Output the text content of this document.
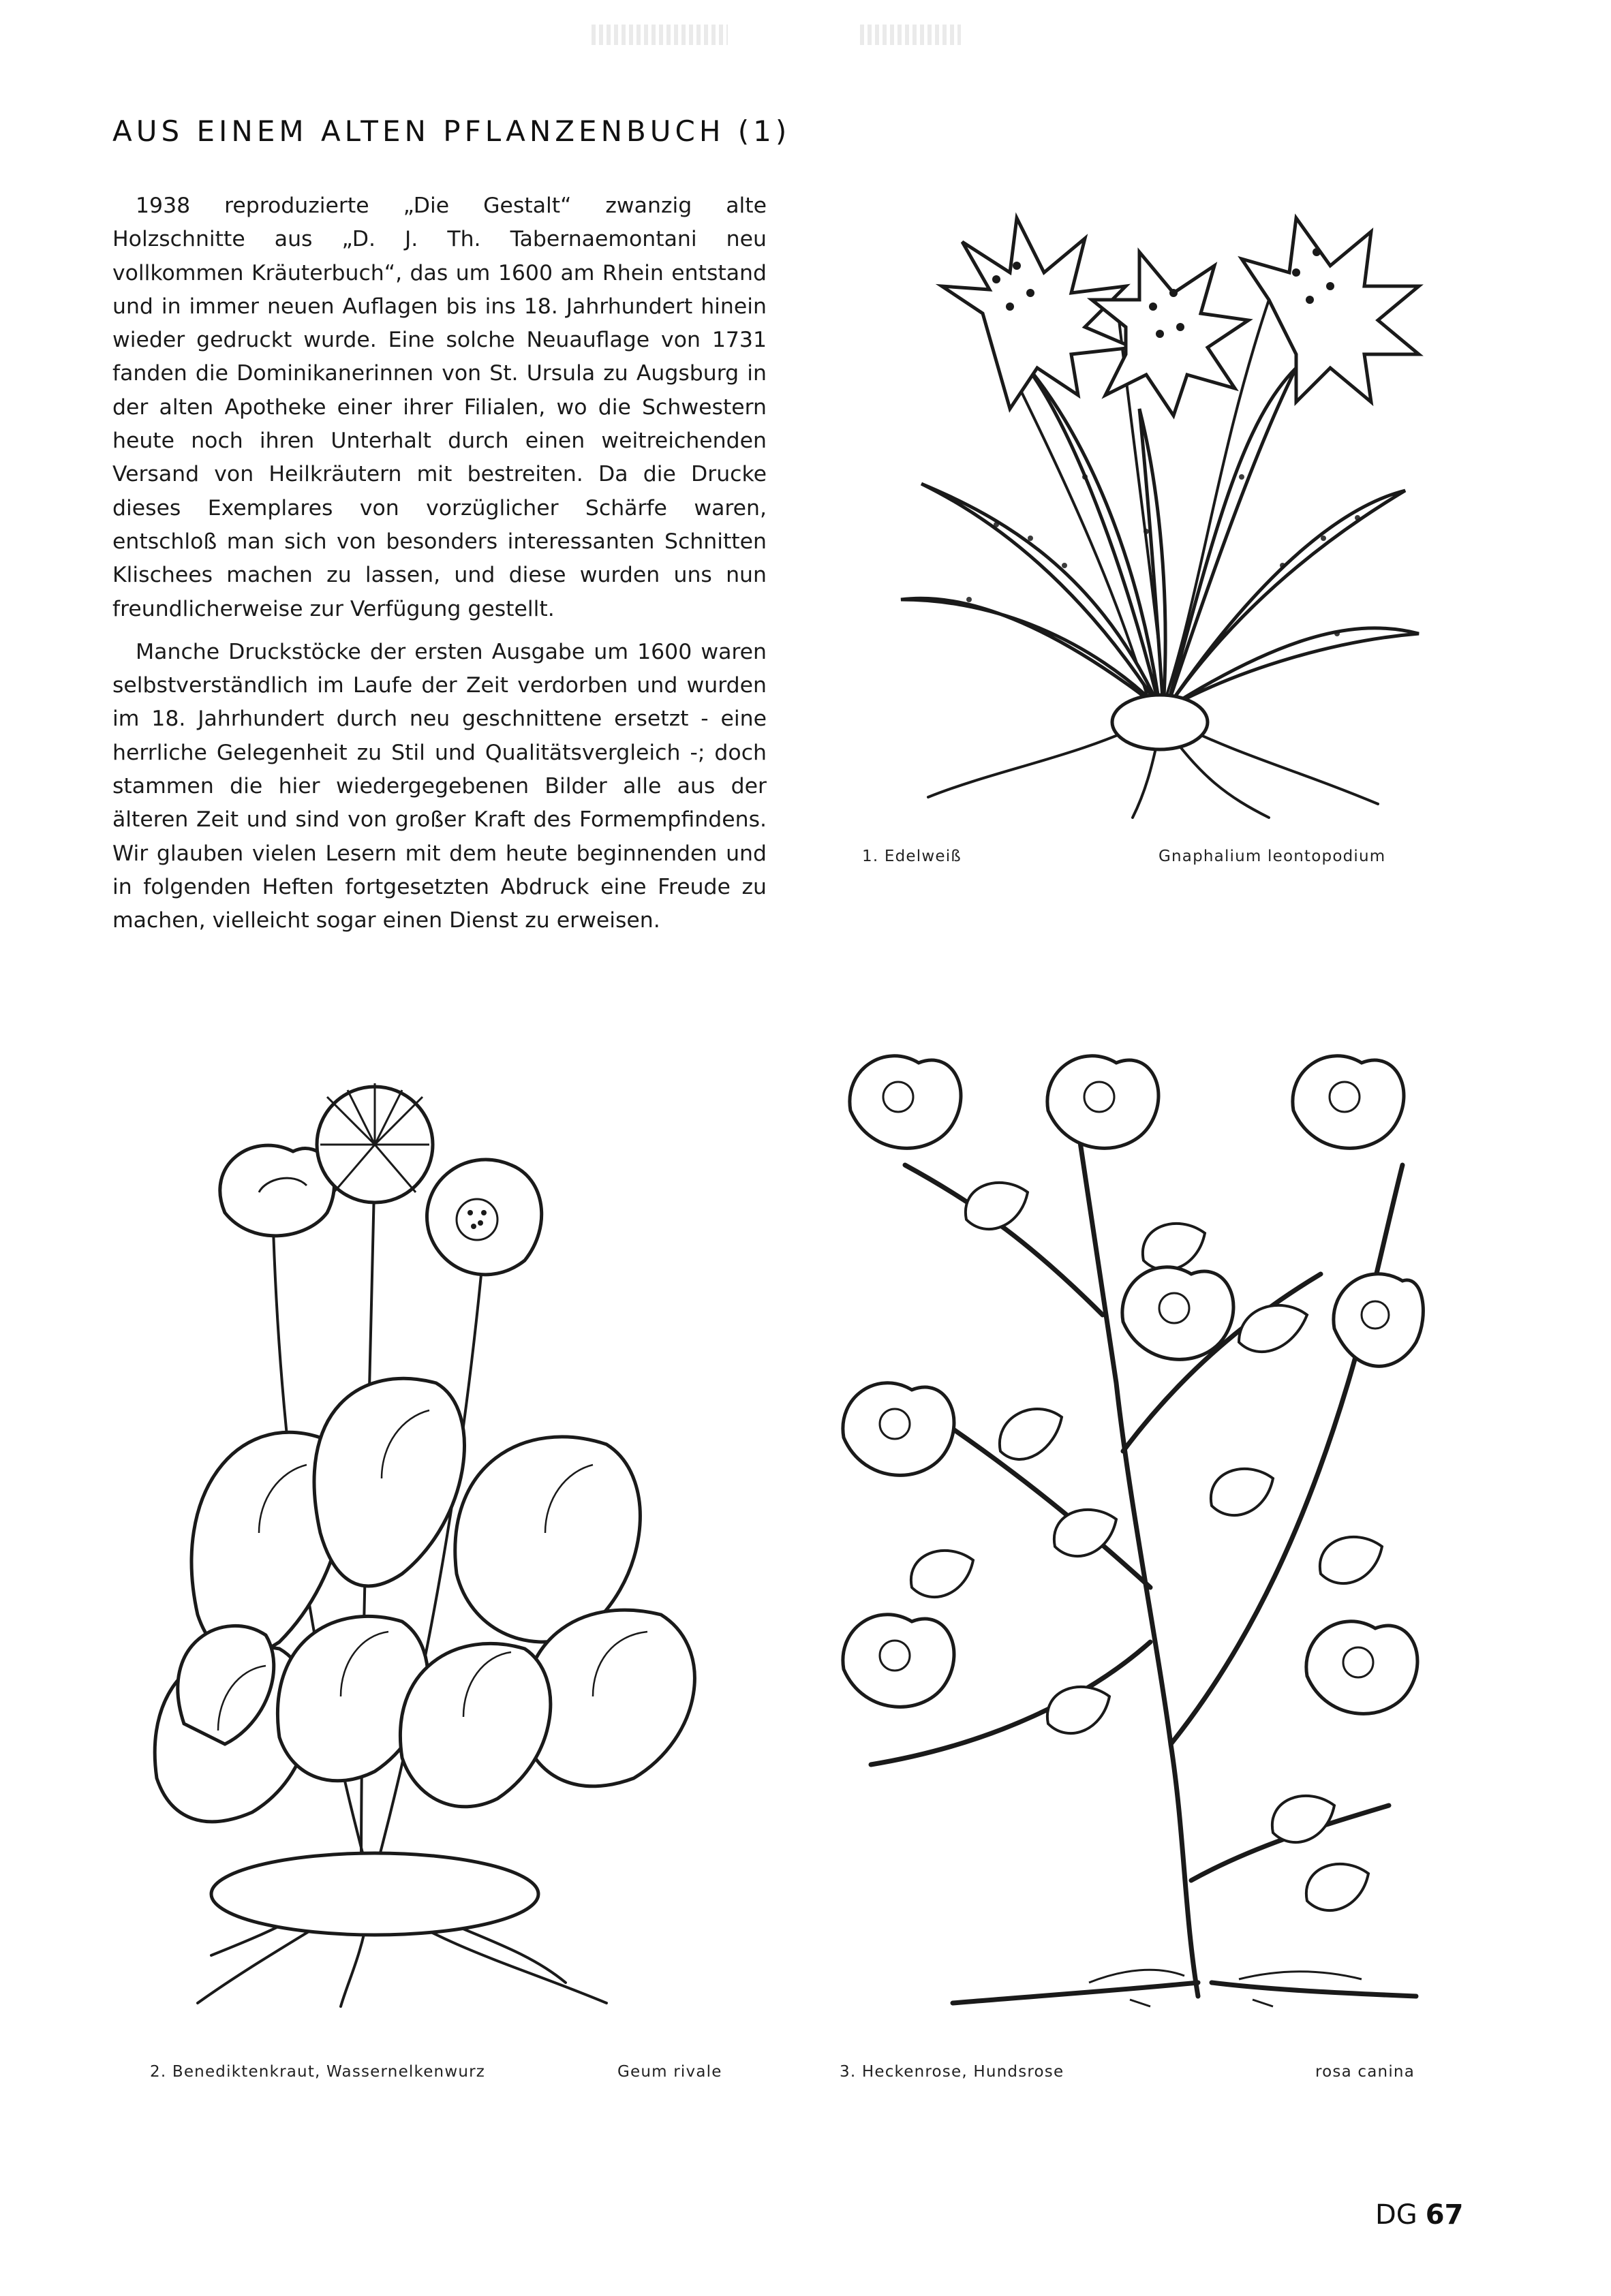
AUS EINEM ALTEN PFLANZENBUCH (1)

1938 reproduzierte „Die Gestalt“ zwanzig alte Holzschnitte aus „D. J. Th. Tabernaemontani neu vollkommen Kräuterbuch“, das um 1600 am Rhein entstand und in immer neuen Auflagen bis ins 18. Jahrhundert hinein wieder gedruckt wurde. Eine solche Neuauflage von 1731 fanden die Dominikanerinnen von St. Ursula zu Augsburg in der alten Apotheke einer ihrer Filialen, wo die Schwestern heute noch ihren Unterhalt durch einen weitreichenden Versand von Heilkräutern mit bestreiten. Da die Drucke dieses Exemplares von vorzüglicher Schärfe waren, entschloß man sich von besonders interessanten Schnitten Klischees machen zu lassen, und diese wurden uns nun freundlicherweise zur Verfügung gestellt.

Manche Druckstöcke der ersten Ausgabe um 1600 waren selbstverständlich im Laufe der Zeit verdorben und wurden im 18. Jahrhundert durch neu geschnittene ersetzt - eine herrliche Gelegenheit zu Stil und Qualitätsvergleich -; doch stammen die hier wiedergegebenen Bilder alle aus der älteren Zeit und sind von großer Kraft des Formempfindens. Wir glauben vielen Lesern mit dem heute beginnenden und in folgenden Heften fortgesetzten Abdruck eine Freude zu machen, vielleicht sogar einen Dienst zu erweisen.

1. Edelweiß	Gnaphalium leontopodium
2. Benediktenkraut, Wassernelkenwurz	Geum rivale	3. Heckenrose, Hundsrose	rosa canina
DG 67
